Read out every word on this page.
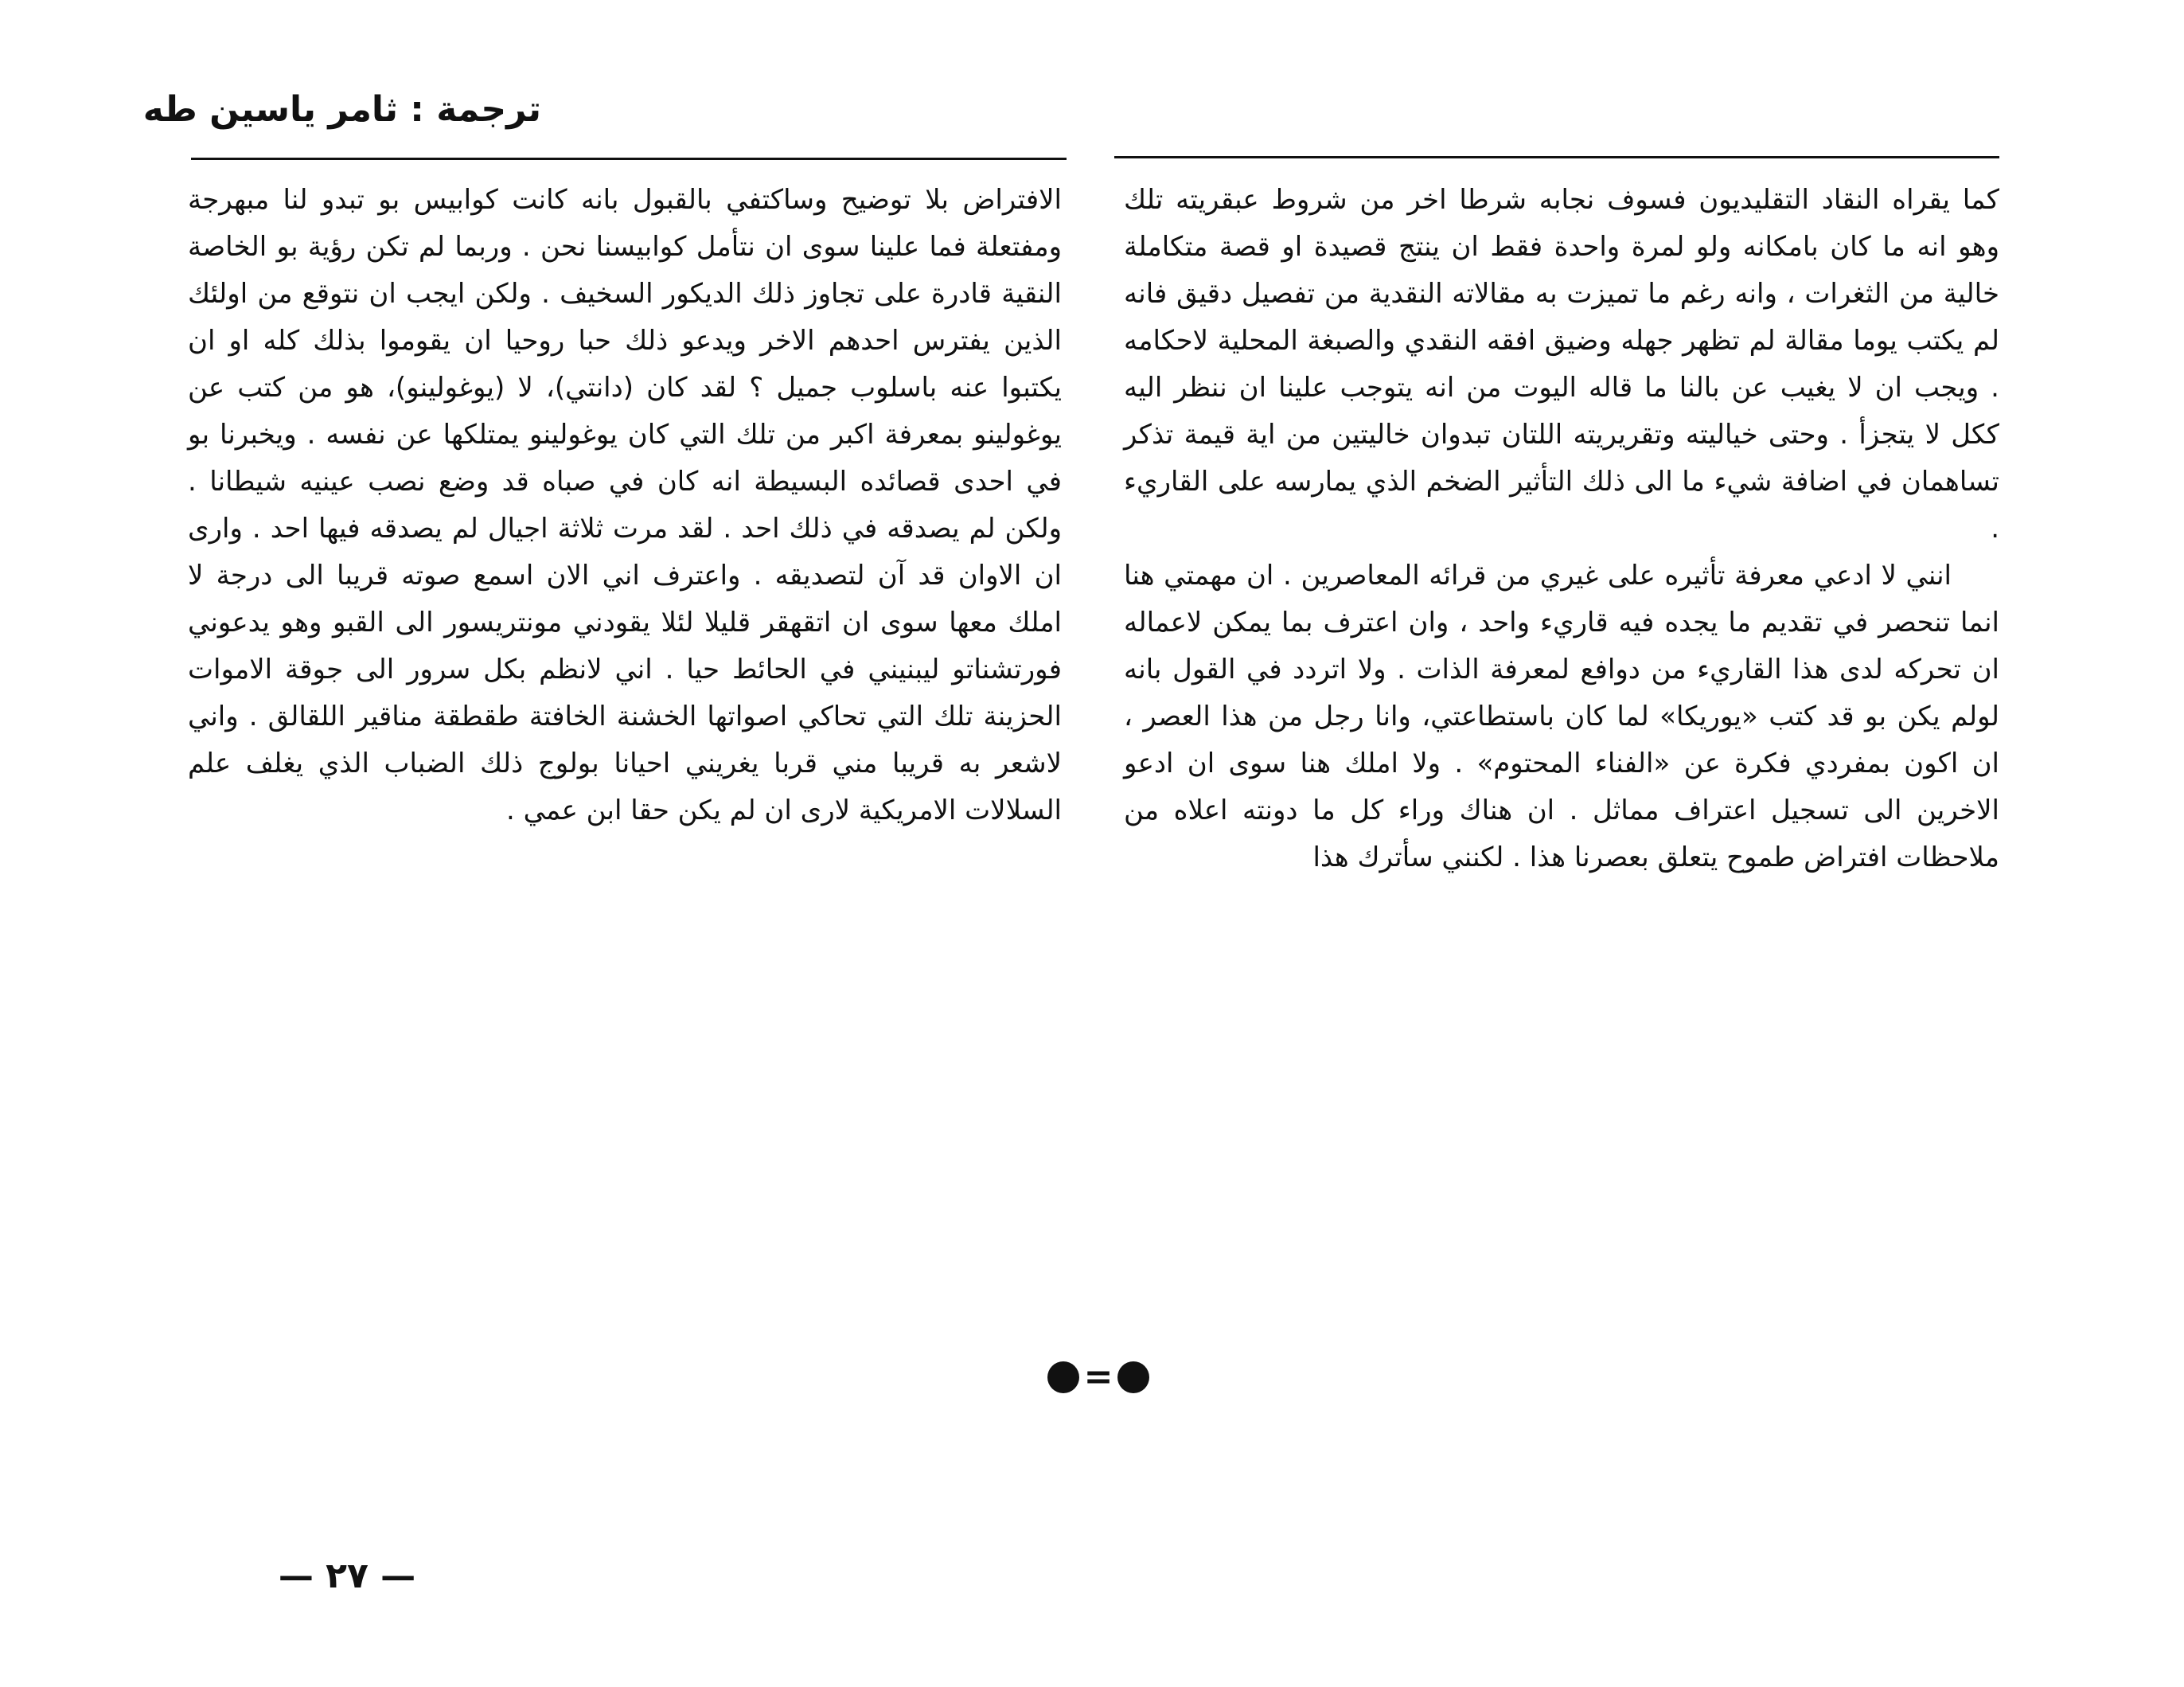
ترجمة : ثامر ياسين طه

كما يقراه النقاد التقليديون فسوف نجابه شرطا اخر من شروط عبقريته تلك وهو انه ما كان بامكانه ولو لمرة واحدة فقط ان ينتج قصيدة او قصة متكاملة خالية من الثغرات ، وانه رغم ما تميزت به مقالاته النقدية من تفصيل دقيق فانه لم يكتب يوما مقالة لم تظهر جهله وضيق افقه النقدي والصبغة المحلية لاحكامه . ويجب ان لا يغيب عن بالنا ما قاله اليوت من انه يتوجب علينا ان ننظر اليه ككل لا يتجزأ . وحتى خياليته وتقريريته اللتان تبدوان خاليتين من اية قيمة تذكر تساهمان في اضافة شيء ما الى ذلك التأثير الضخم الذي يمارسه على القاريء .

انني لا ادعي معرفة تأثيره على غيري من قرائه المعاصرين . ان مهمتي هنا انما تنحصر في تقديم ما يجده فيه قاريء واحد ، وان اعترف بما يمكن لاعماله ان تحركه لدى هذا القاريء من دوافع لمعرفة الذات . ولا اتردد في القول بانه لولم يكن بو قد كتب «يوريكا» لما كان باستطاعتي، وانا رجل من هذا العصر ، ان اكون بمفردي فكرة عن «الفناء المحتوم» . ولا املك هنا سوى ان ادعو الاخرين الى تسجيل اعتراف مماثل . ان هناك وراء كل ما دونته اعلاه من ملاحظات افتراض طموح يتعلق بعصرنا هذا . لكنني سأترك هذا

الافتراض بلا توضيح وساكتفي بالقبول بانه كانت كوابيس بو تبدو لنا مبهرجة ومفتعلة فما علينا سوى ان نتأمل كوابيسنا نحن . وربما لم تكن رؤية بو الخاصة النقية قادرة على تجاوز ذلك الديكور السخيف . ولكن ايجب ان نتوقع من اولئك الذين يفترس احدهم الاخر ويدعو ذلك حبا روحيا ان يقوموا بذلك كله او ان يكتبوا عنه باسلوب جميل ؟ لقد كان (دانتي)، لا (يوغولينو)، هو من كتب عن يوغولينو بمعرفة اكبر من تلك التي كان يوغولينو يمتلكها عن نفسه . ويخبرنا بو في احدى قصائده البسيطة انه كان في صباه قد وضع نصب عينيه شيطانا . ولكن لم يصدقه في ذلك احد . لقد مرت ثلاثة اجيال لم يصدقه فيها احد . وارى ان الاوان قد آن لتصديقه . واعترف اني الان اسمع صوته قريبا الى درجة لا املك معها سوى ان اتقهقر قليلا لئلا يقودني مونتريسور الى القبو وهو يدعوني فورتشناتو ليبنيني في الحائط حيا . اني لانظم بكل سرور الى جوقة الاموات الحزينة تلك التي تحاكي اصواتها الخشنة الخافتة طقطقة مناقير اللقالق . واني لاشعر به قريبا مني قربا يغريني احيانا بولوج ذلك الضباب الذي يغلف علم السلالات الامريكية لارى ان لم يكن حقا ابن عمي .

=
— ٢٧ —
